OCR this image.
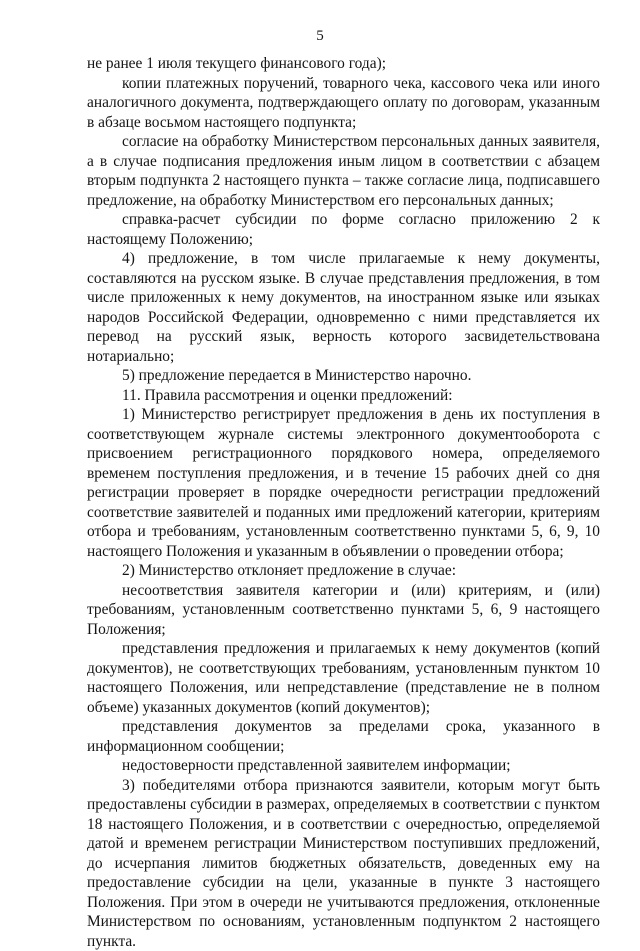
5

не ранее 1 июля текущего финансового года);

копии платежных поручений, товарного чека, кассового чека или иного аналогичного документа, подтверждающего оплату по договорам, указанным в абзаце восьмом настоящего подпункта;

согласие на обработку Министерством персональных данных заявителя, а в случае подписания предложения иным лицом в соответствии с абзацем вторым подпункта 2 настоящего пункта – также согласие лица, подписавшего предложение, на обработку Министерством его персональных данных;

справка-расчет субсидии по форме согласно приложению 2 к настоящему Положению;

4) предложение, в том числе прилагаемые к нему документы, составляются на русском языке. В случае представления предложения, в том числе приложенных к нему документов, на иностранном языке или языках народов Российской Федерации, одновременно с ними представляется их перевод на русский язык, верность которого засвидетельствована нотариально;

5) предложение передается в Министерство нарочно.

11. Правила рассмотрения и оценки предложений:

1) Министерство регистрирует предложения в день их поступления в соответствующем журнале системы электронного документооборота с присвоением регистрационного порядкового номера, определяемого временем поступления предложения, и в течение 15 рабочих дней со дня регистрации проверяет в порядке очередности регистрации предложений соответствие заявителей и поданных ими предложений категории, критериям отбора и требованиям, установленным соответственно пунктами 5, 6, 9, 10 настоящего Положения и указанным в объявлении о проведении отбора;

2) Министерство отклоняет предложение в случае:

несоответствия заявителя категории и (или) критериям, и (или) требованиям, установленным соответственно пунктами 5, 6, 9 настоящего Положения;

представления предложения и прилагаемых к нему документов (копий документов), не соответствующих требованиям, установленным пунктом 10 настоящего Положения, или непредставление (представление не в полном объеме) указанных документов (копий документов);

представления документов за пределами срока, указанного в информационном сообщении;

недостоверности представленной заявителем информации;

3) победителями отбора признаются заявители, которым могут быть предоставлены субсидии в размерах, определяемых в соответствии с пунктом 18 настоящего Положения, и в соответствии с очередностью, определяемой датой и временем регистрации Министерством поступивших предложений, до исчерпания лимитов бюджетных обязательств, доведенных ему на предоставление субсидии на цели, указанные в пункте 3 настоящего Положения. При этом в очереди не учитываются предложения, отклоненные Министерством по основаниям, установленным подпунктом 2 настоящего пункта.
